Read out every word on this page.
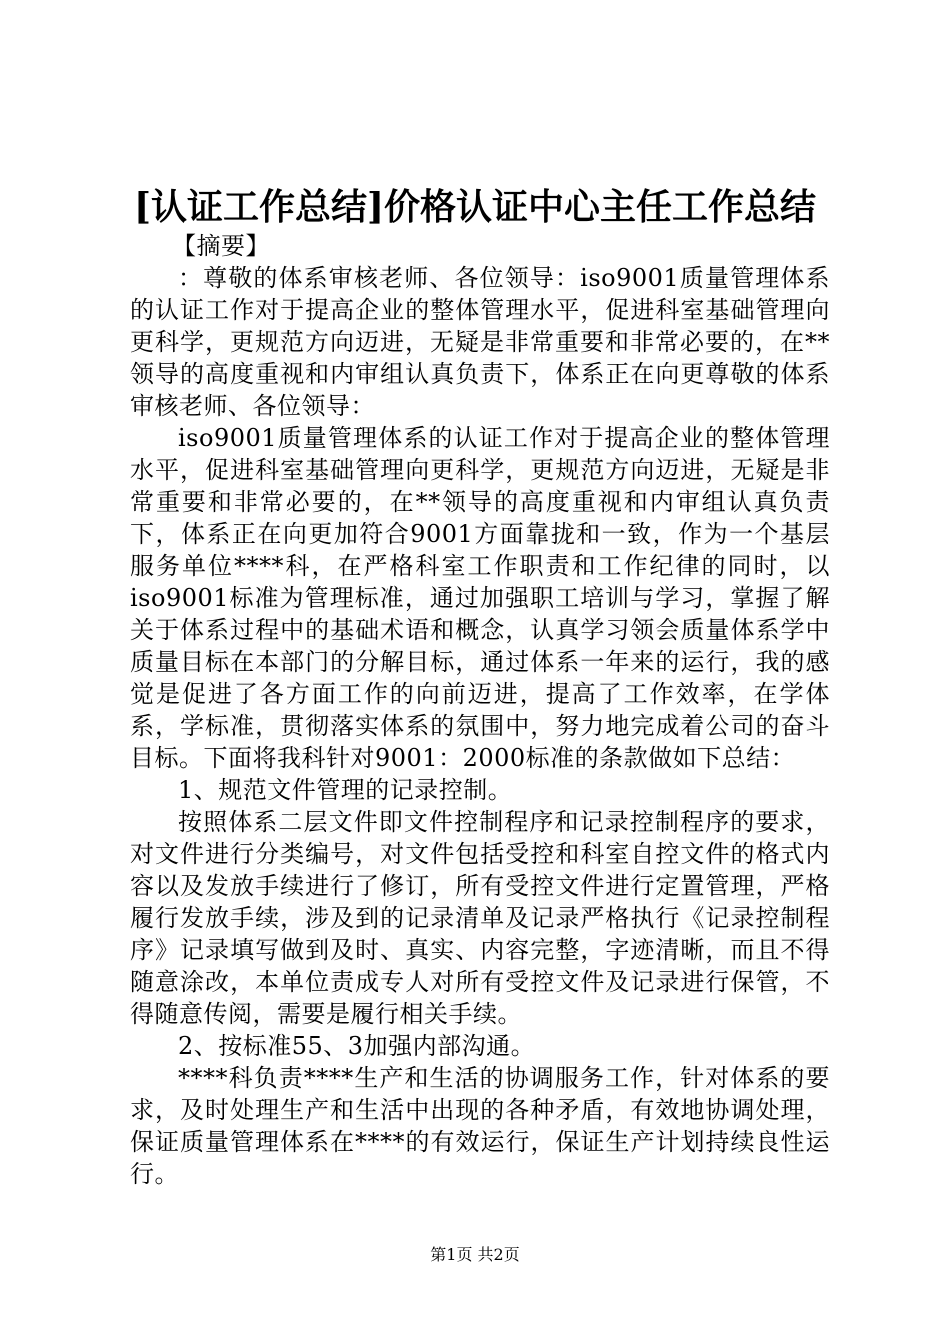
[认证工作总结]价格认证中心主任工作总结

【摘要】

：尊敬的体系审核老师、各位领导：iso9001质量管理体系的认证工作对于提高企业的整体管理水平，促进科室基础管理向更科学，更规范方向迈进，无疑是非常重要和非常必要的，在**领导的高度重视和内审组认真负责下，体系正在向更尊敬的体系审核老师、各位领导：

iso9001质量管理体系的认证工作对于提高企业的整体管理水平，促进科室基础管理向更科学，更规范方向迈进，无疑是非常重要和非常必要的，在**领导的高度重视和内审组认真负责下，体系正在向更加符合9001方面靠拢和一致，作为一个基层服务单位****科，在严格科室工作职责和工作纪律的同时，以iso9001标准为管理标准，通过加强职工培训与学习，掌握了解关于体系过程中的基础术语和概念，认真学习领会质量体系学中质量目标在本部门的分解目标，通过体系一年来的运行，我的感觉是促进了各方面工作的向前迈进，提高了工作效率，在学体系，学标准，贯彻落实体系的氛围中，努力地完成着公司的奋斗目标。下面将我科针对9001：2000标准的条款做如下总结：

1、规范文件管理的记录控制。

按照体系二层文件即文件控制程序和记录控制程序的要求，对文件进行分类编号，对文件包括受控和科室自控文件的格式内容以及发放手续进行了修订，所有受控文件进行定置管理，严格履行发放手续，涉及到的记录清单及记录严格执行《记录控制程序》记录填写做到及时、真实、内容完整，字迹清晰，而且不得随意涂改，本单位责成专人对所有受控文件及记录进行保管，不得随意传阅，需要是履行相关手续。

2、按标准55、3加强内部沟通。

****科负责****生产和生活的协调服务工作，针对体系的要求，及时处理生产和生活中出现的各种矛盾，有效地协调处理，保证质量管理体系在****的有效运行，保证生产计划持续良性运行。

第1页 共2页
